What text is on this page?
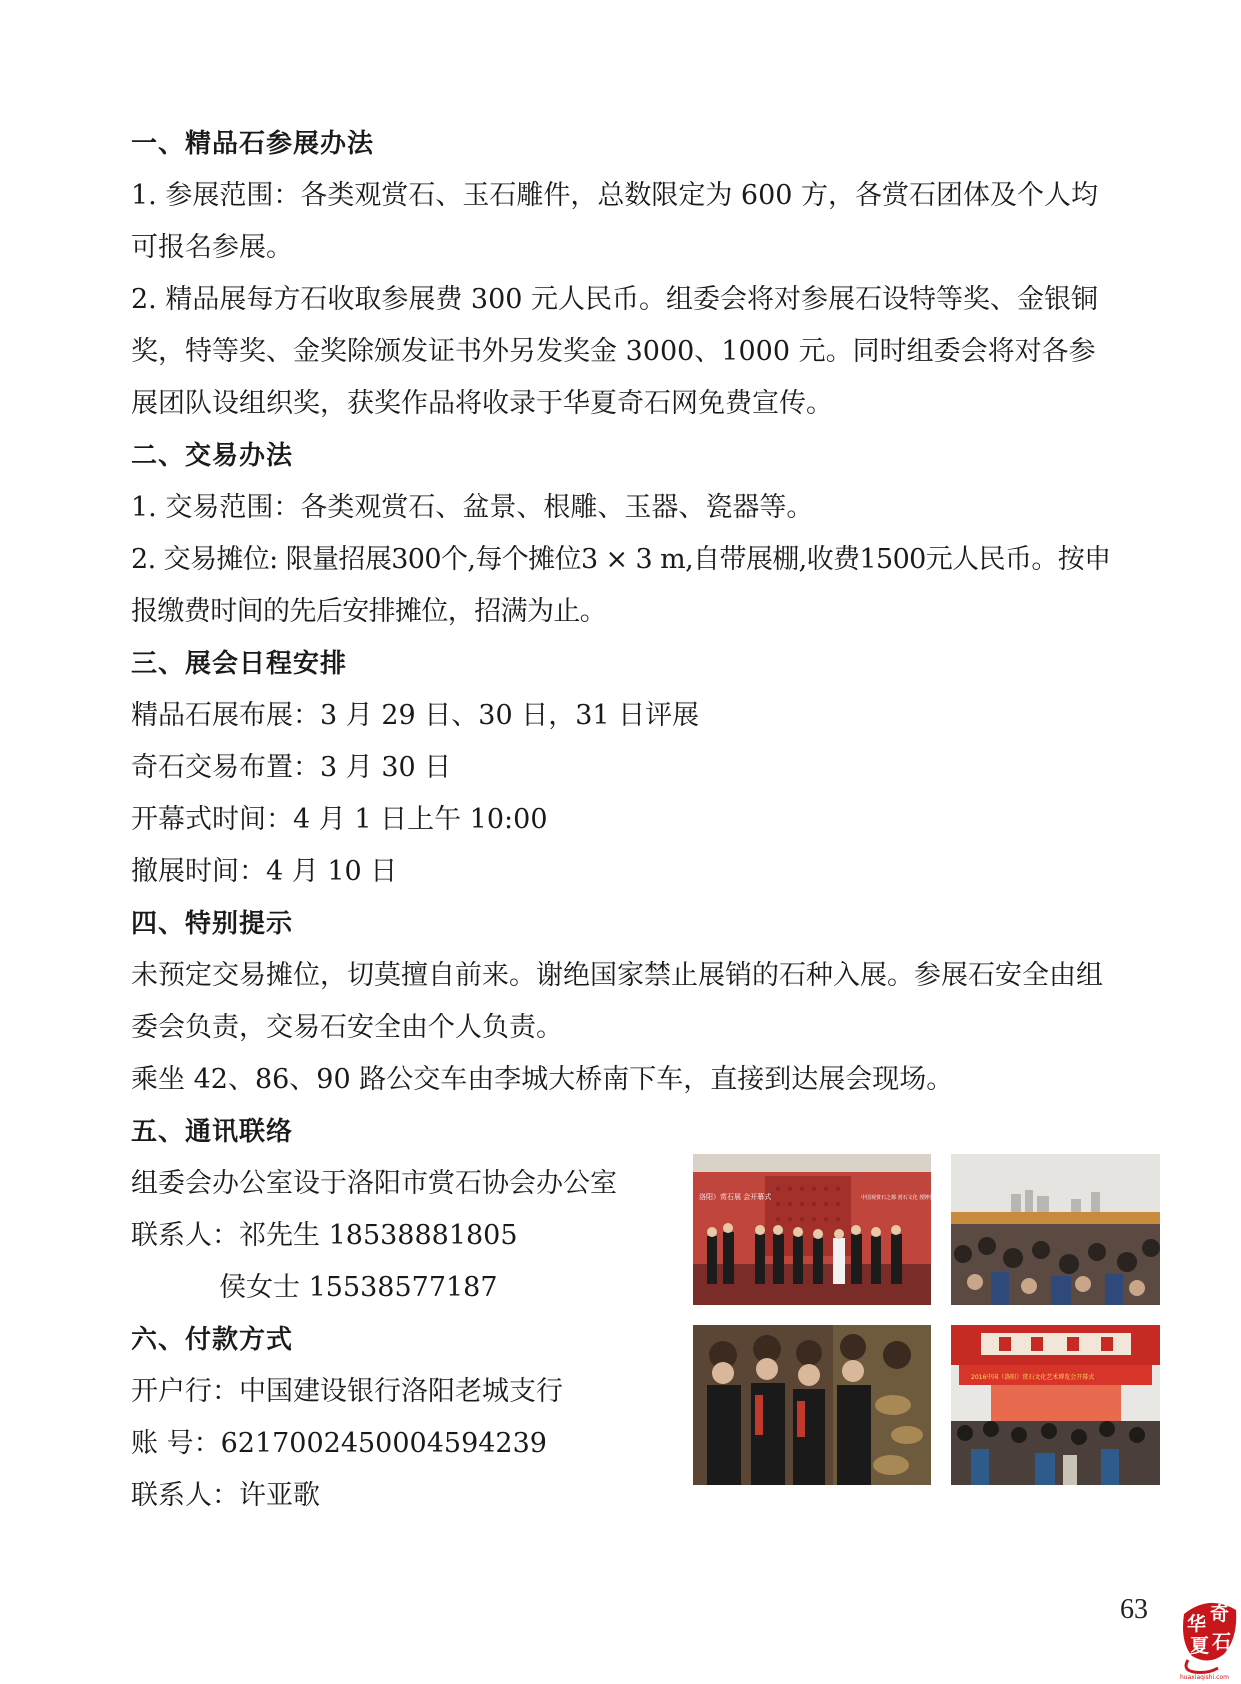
一、精品石参展办法
1. 参展范围：各类观赏石、玉石雕件，总数限定为 600 方，各赏石团体及个人均可报名参展。
2. 精品展每方石收取参展费 300 元人民币。组委会将对参展石设特等奖、金银铜奖，特等奖、金奖除颁发证书外另发奖金 3000、1000 元。同时组委会将对各参展团队设组织奖，获奖作品将收录于华夏奇石网免费宣传。
二、交易办法
1. 交易范围：各类观赏石、盆景、根雕、玉器、瓷器等。
2. 交易摊位: 限量招展300个,每个摊位3 × 3 m,自带展棚,收费1500元人民币。按申报缴费时间的先后安排摊位，招满为止。
三、展会日程安排
精品石展布展：3 月 29 日、30 日，31 日评展
奇石交易布置：3 月 30 日
开幕式时间：4 月 1 日上午 10:00
撤展时间：4 月 10 日
四、特别提示
未预定交易摊位，切莫擅自前来。谢绝国家禁止展销的石种入展。参展石安全由组委会负责，交易石安全由个人负责。
乘坐 42、86、90 路公交车由李城大桥南下车，直接到达展会现场。
五、通讯联络
组委会办公室设于洛阳市赏石协会办公室
联系人：祁先生 18538881805
侯女士 15538577187
六、付款方式
开户行：中国建设银行洛阳老城支行
账 号：6217002450004594239
联系人：许亚歌
洛阳）赏石展 会开幕式	中国观赏石之都 赏石文化 授牌仪式
2016中国（洛阳）赏石文化艺术博览会开幕式
63 华 奇
夏 石
huaxiaqishi.com
